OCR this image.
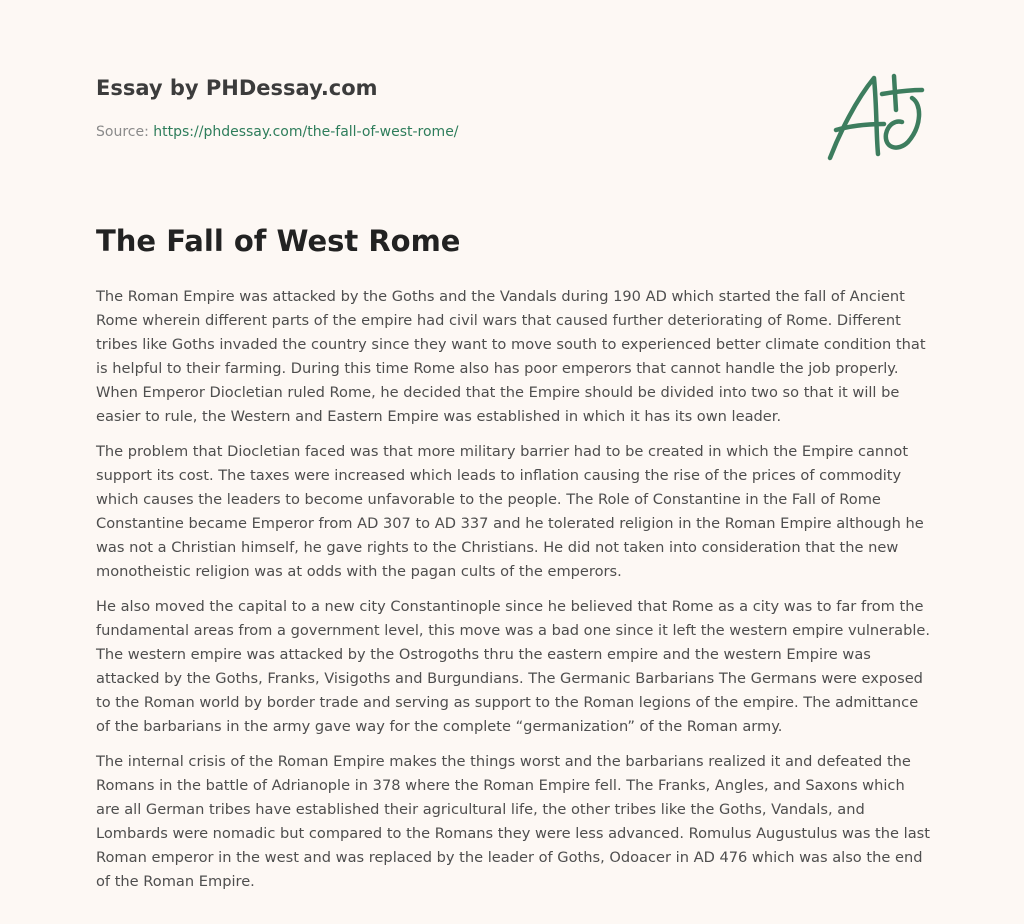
Essay by PHDessay.com
Source: https://phdessay.com/the-fall-of-west-rome/
The Fall of West Rome

The Roman Empire was attacked by the Goths and the Vandals during 190 AD which started the fall of Ancient Rome wherein different parts of the empire had civil wars that caused further deteriorating of Rome. Different tribes like Goths invaded the country since they want to move south to experienced better climate condition that is helpful to their farming. During this time Rome also has poor emperors that cannot handle the job properly. When Emperor Diocletian ruled Rome, he decided that the Empire should be divided into two so that it will be easier to rule, the Western and Eastern Empire was established in which it has its own leader.

The problem that Diocletian faced was that more military barrier had to be created in which the Empire cannot support its cost. The taxes were increased which leads to inflation causing the rise of the prices of commodity which causes the leaders to become unfavorable to the people. The Role of Constantine in the Fall of Rome Constantine became Emperor from AD 307 to AD 337 and he tolerated religion in the Roman Empire although he was not a Christian himself, he gave rights to the Christians. He did not taken into consideration that the new monotheistic religion was at odds with the pagan cults of the emperors.

He also moved the capital to a new city Constantinople since he believed that Rome as a city was to far from the fundamental areas from a government level, this move was a bad one since it left the western empire vulnerable. The western empire was attacked by the Ostrogoths thru the eastern empire and the western Empire was attacked by the Goths, Franks, Visigoths and Burgundians. The Germanic Barbarians The Germans were exposed to the Roman world by border trade and serving as support to the Roman legions of the empire. The admittance of the barbarians in the army gave way for the complete “germanization” of the Roman army.

The internal crisis of the Roman Empire makes the things worst and the barbarians realized it and defeated the Romans in the battle of Adrianople in 378 where the Roman Empire fell. The Franks, Angles, and Saxons which are all German tribes have established their agricultural life, the other tribes like the Goths, Vandals, and Lombards were nomadic but compared to the Romans they were less advanced. Romulus Augustulus was the last Roman emperor in the west and was replaced by the leader of Goths, Odoacer in AD 476 which was also the end of the Roman Empire.
